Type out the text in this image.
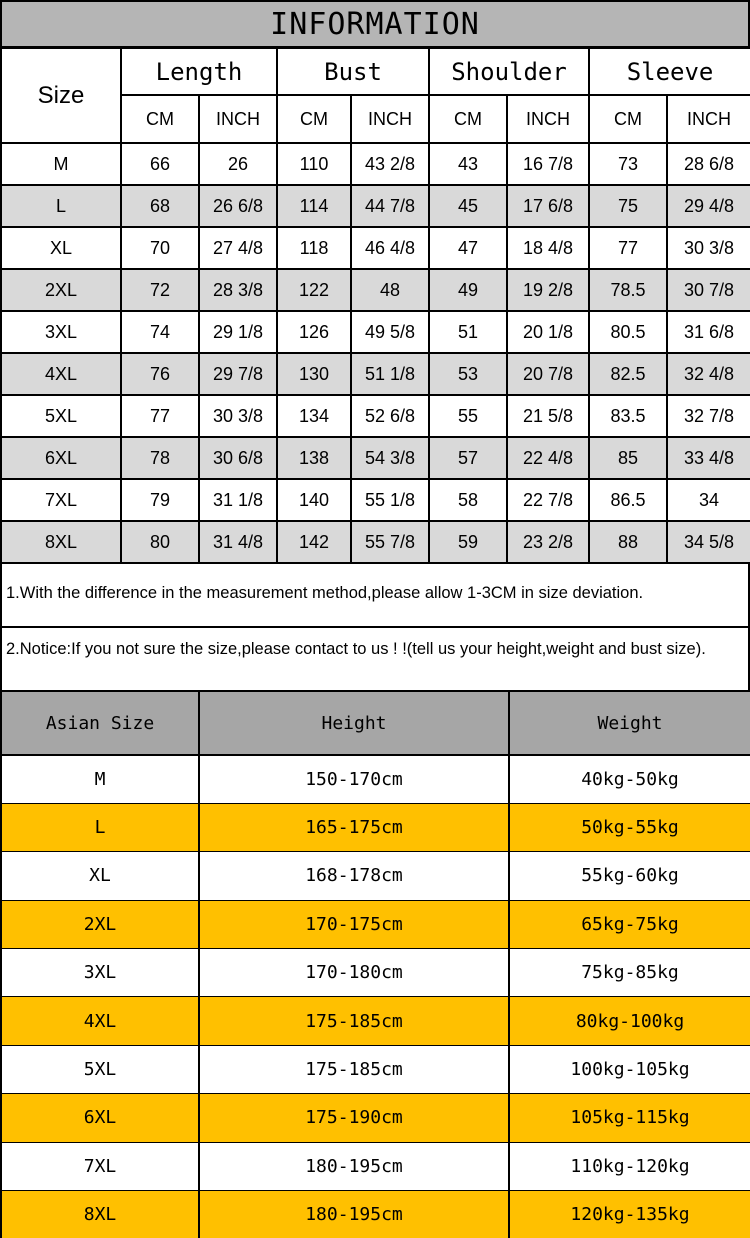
INFORMATION
Size	Length		Bust		Shoulder		Sleeve	
	CM	INCH	CM	INCH	CM	INCH	CM	INCH
M	66	26	110	43 2/8	43	16 7/8	73	28 6/8
L	68	26 6/8	114	44 7/8	45	17 6/8	75	29 4/8
XL	70	27 4/8	118	46 4/8	47	18 4/8	77	30 3/8
2XL	72	28 3/8	122	48	49	19 2/8	78.5	30 7/8
3XL	74	29 1/8	126	49 5/8	51	20 1/8	80.5	31 6/8
4XL	76	29 7/8	130	51 1/8	53	20 7/8	82.5	32 4/8
5XL	77	30 3/8	134	52 6/8	55	21 5/8	83.5	32 7/8
6XL	78	30 6/8	138	54 3/8	57	22 4/8	85	33 4/8
7XL	79	31 1/8	140	55 1/8	58	22 7/8	86.5	34
8XL	80	31 4/8	142	55 7/8	59	23 2/8	88	34 5/8
1.With the difference in the measurement method,please allow 1-3CM in size deviation.
2.Notice:If you not sure the size,please contact to us ! !(tell us your height,weight and bust size).
Asian Size	Height	Weight
M	150-170cm	40kg-50kg
L	165-175cm	50kg-55kg
XL	168-178cm	55kg-60kg
2XL	170-175cm	65kg-75kg
3XL	170-180cm	75kg-85kg
4XL	175-185cm	80kg-100kg
5XL	175-185cm	100kg-105kg
6XL	175-190cm	105kg-115kg
7XL	180-195cm	110kg-120kg
8XL	180-195cm	120kg-135kg
